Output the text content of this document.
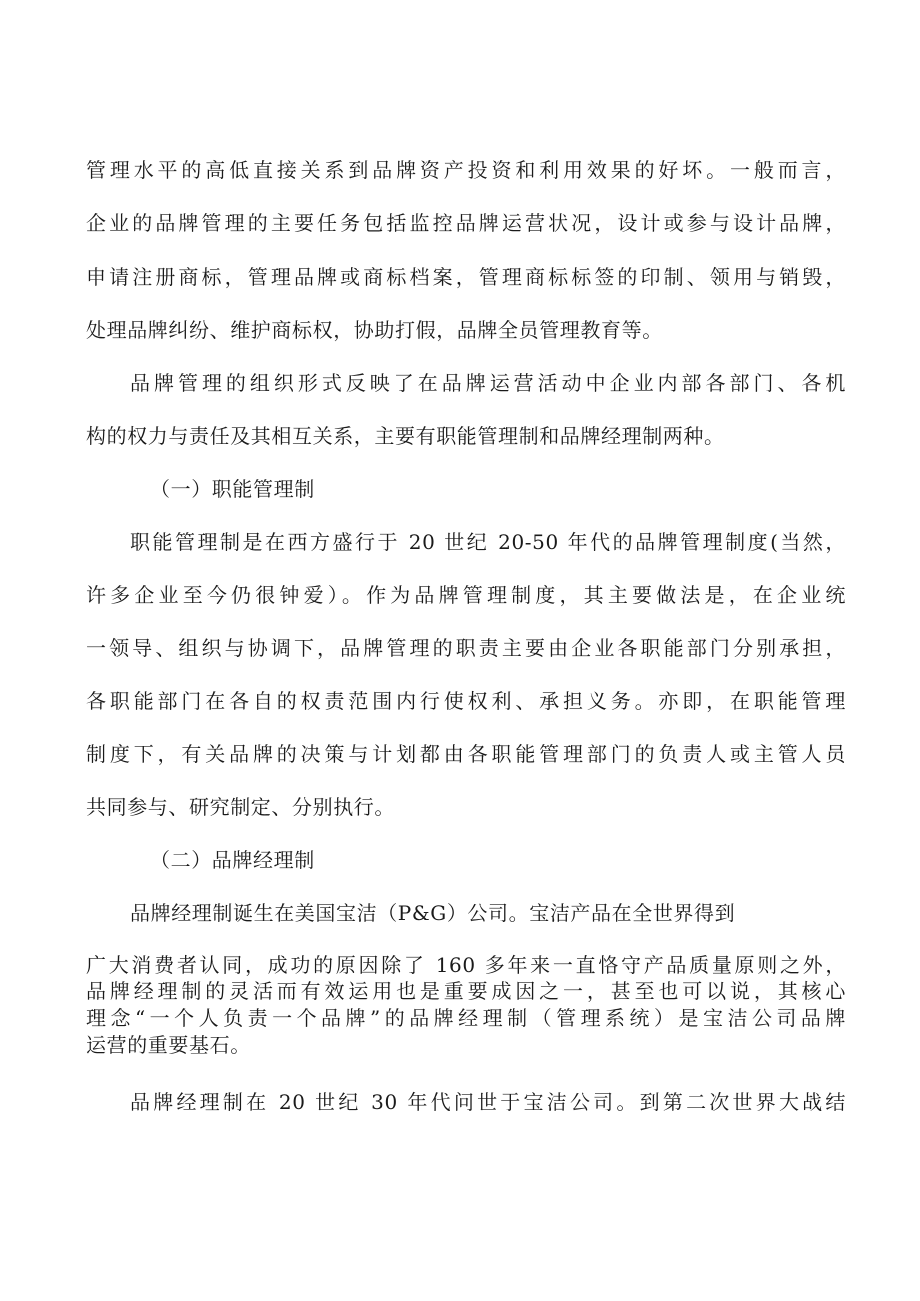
管理水平的高低直接关系到品牌资产投资和利用效果的好坏。一般而言，
企业的品牌管理的主要任务包括监控品牌运营状况，设计或参与设计品牌，
申请注册商标，管理品牌或商标档案，管理商标标签的印制、领用与销毁，
处理品牌纠纷、维护商标权，协助打假，品牌全员管理教育等。
品牌管理的组织形式反映了在品牌运营活动中企业内部各部门、各机
构的权力与责任及其相互关系，主要有职能管理制和品牌经理制两种。
（一）职能管理制
职能管理制是在西方盛行于 20 世纪 20-50 年代的品牌管理制度(当然，
许多企业至今仍很钟爱）。作为品牌管理制度，其主要做法是，在企业统
一领导、组织与协调下，品牌管理的职责主要由企业各职能部门分别承担，
各职能部门在各自的权责范围内行使权利、承担义务。亦即，在职能管理
制度下，有关品牌的决策与计划都由各职能管理部门的负责人或主管人员
共同参与、研究制定、分别执行。
（二）品牌经理制
品牌经理制诞生在美国宝洁（P&G）公司。宝洁产品在全世界得到
广大消费者认同，成功的原因除了 160 多年来一直恪守产品质量原则之外，
品牌经理制的灵活而有效运用也是重要成因之一，甚至也可以说，其核心
理念“一个人负责一个品牌”的品牌经理制（管理系统）是宝洁公司品牌
运营的重要基石。
品牌经理制在 20 世纪 30 年代问世于宝洁公司。到第二次世界大战结
